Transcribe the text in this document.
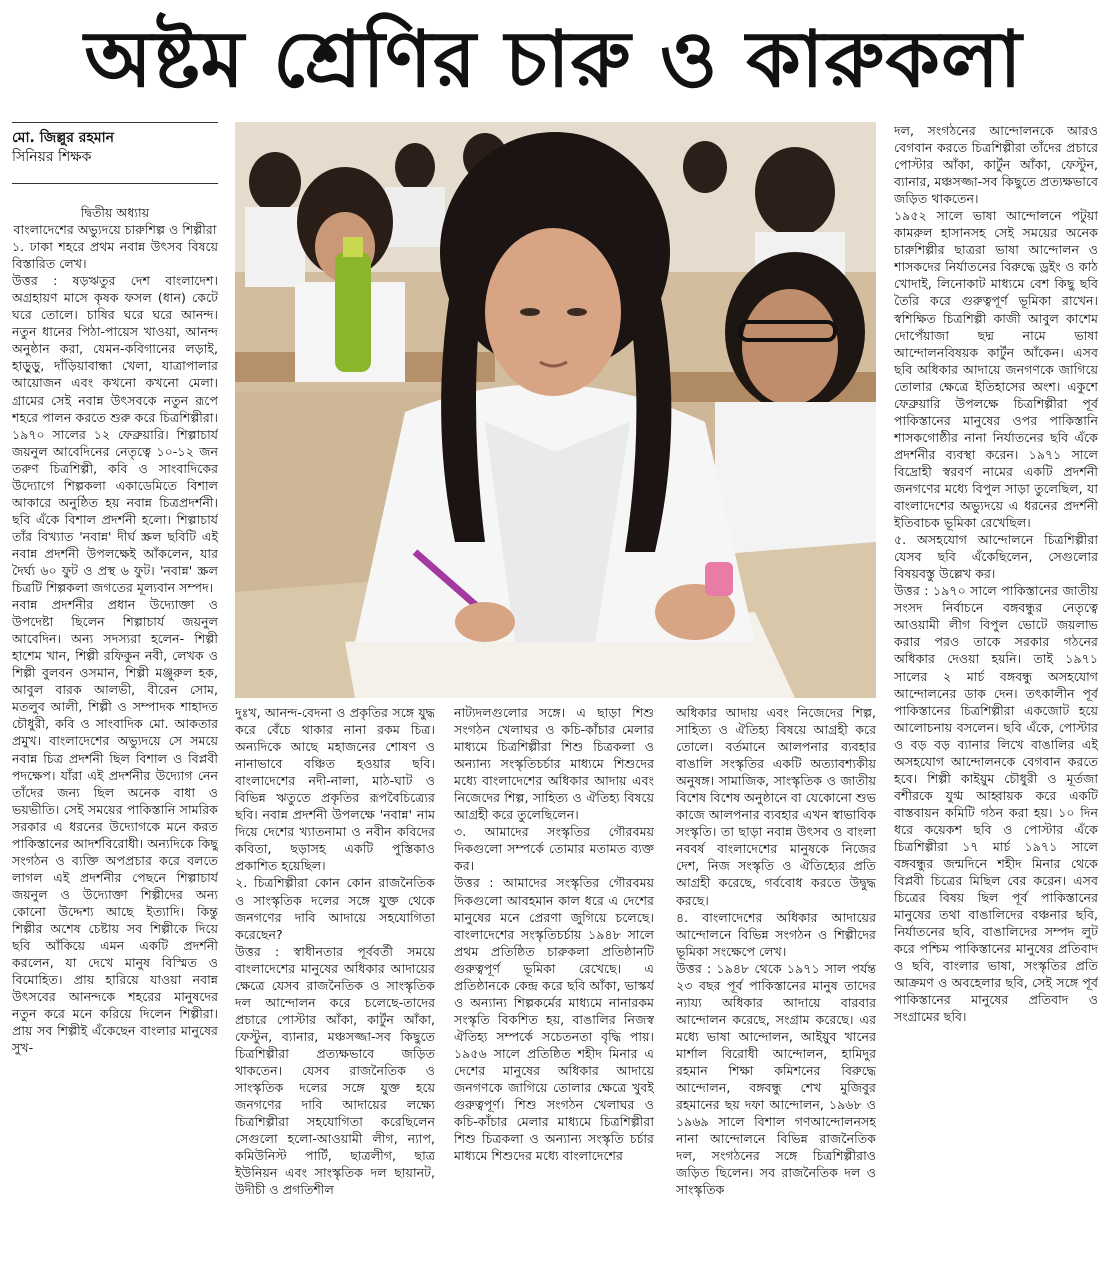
অষ্টম শ্রেণির চারু ও কারুকলা
মো. জিল্লুর রহমান
সিনিয়র শিক্ষক

দ্বিতীয় অধ্যায়

বাংলাদেশের অভ্যুদয়ে চারুশিল্প ও শিল্পীরা

১. ঢাকা শহরে প্রথম নবান্ন উৎসব বিষয়ে বিস্তারিত লেখ।

উত্তর : ষড়ঋতুর দেশ বাংলাদেশ। অগ্রহায়ণ মাসে কৃষক ফসল (ধান) কেটে ঘরে তোলে। চাষির ঘরে ঘরে আনন্দ। নতুন ধানের পিঠা-পায়েস খাওয়া, আনন্দ অনুষ্ঠান করা, যেমন-কবিগানের লড়াই, হাড়ুড়ু, দাঁড়িয়াবান্ধা খেলা, যাত্রাপালার আয়োজন এবং কখনো কখনো মেলা। গ্রামের সেই নবান্ন উৎসবকে নতুন রূপে শহরে পালন করতে শুরু করে চিত্রশিল্পীরা। ১৯৭০ সালের ১২ ফেব্রুয়ারি। শিল্পাচার্য জয়নুল আবেদিনের নেতৃত্বে ১০-১২ জন তরুণ চিত্রশিল্পী, কবি ও সাংবাদিকের উদ্যোগে শিল্পকলা একাডেমিতে বিশাল আকারে অনুষ্ঠিত হয় নবান্ন চিত্রপ্রদর্শনী। ছবি এঁকে বিশাল প্রদর্শনী হলো। শিল্পাচার্য তাঁর বিখ্যাত 'নবান্ন' দীর্ঘ স্ক্রল ছবিটি এই নবান্ন প্রদর্শনী উপলক্ষেই আঁকলেন, যার দৈর্ঘ্য ৬০ ফুট ও প্রস্থ ৬ ফুট। 'নবান্ন' স্ক্রল চিত্রটি শিল্পকলা জগতের মূল্যবান সম্পদ।

নবান্ন প্রদর্শনীর প্রধান উদ্যোক্তা ও উপদেষ্টা ছিলেন শিল্পাচার্য জয়নুল আবেদিন। অন্য সদস্যরা হলেন- শিল্পী হাশেম খান, শিল্পী রফিকুন নবী, লেখক ও শিল্পী বুলবন ওসমান, শিল্পী মঞ্জুরুল হক, আবুল বারক আলভী, বীরেন সোম, মতলুব আলী, শিল্পী ও সম্পাদক শাহাদত চৌধুরী, কবি ও সাংবাদিক মো. আকতার প্রমুখ। বাংলাদেশের অভ্যুদয়ে সে সময়ে নবান্ন চিত্র প্রদর্শনী ছিল বিশাল ও বিপ্লবী পদক্ষেপ। যাঁরা এই প্রদর্শনীর উদ্যোগ নেন তাঁদের জন্য ছিল অনেক বাধা ও ভয়ভীতি। সেই সময়ের পাকিস্তানি সামরিক সরকার এ ধরনের উদ্যোগকে মনে করত পাকিস্তানের আদর্শবিরোধী। অন্যদিকে কিছু সংগঠন ও ব্যক্তি অপপ্রচার করে বলতে লাগল এই প্রদর্শনীর পেছনে শিল্পাচার্য জয়নুল ও উদ্যোক্তা শিল্পীদের অন্য কোনো উদ্দেশ্য আছে ইত্যাদি। কিন্তু শিল্পীর অশেষ চেষ্টায় সব শিল্পীকে দিয়ে ছবি আঁকিয়ে এমন একটি প্রদর্শনী করলেন, যা দেখে মানুষ বিস্মিত ও বিমোহিত। প্রায় হারিয়ে যাওয়া নবান্ন উৎসবের আনন্দকে শহরের মানুষদের নতুন করে মনে করিয়ে দিলেন শিল্পীরা। প্রায় সব শিল্পীই এঁকেছেন বাংলার মানুষের সুখ-

দুঃখ, আনন্দ-বেদনা ও প্রকৃতির সঙ্গে যুদ্ধ করে বেঁচে থাকার নানা রকম চিত্র। অন্যদিকে আছে মহাজনের শোষণ ও নানাভাবে বঞ্চিত হওয়ার ছবি। বাংলাদেশের নদী-নালা, মাঠ-ঘাট ও বিভিন্ন ঋতুতে প্রকৃতির রূপবৈচিত্র্যের ছবি। নবান্ন প্রদর্শনী উপলক্ষে 'নবান্ন' নাম দিয়ে দেশের খ্যাতনামা ও নবীন কবিদের কবিতা, ছড়াসহ একটি পুস্তিকাও প্রকাশিত হয়েছিল।

২. চিত্রশিল্পীরা কোন কোন রাজনৈতিক ও সাংস্কৃতিক দলের সঙ্গে যুক্ত থেকে জনগণের দাবি আদায়ে সহযোগিতা করেছেন?

উত্তর : স্বাধীনতার পূর্ববর্তী সময়ে বাংলাদেশের মানুষের অধিকার আদায়ের ক্ষেত্রে যেসব রাজনৈতিক ও সাংস্কৃতিক দল আন্দোলন করে চলেছে-তাদের প্রচারে পোস্টার আঁকা, কার্টুন আঁকা, ফেস্টুন, ব্যানার, মঞ্চসজ্জা-সব কিছুতে চিত্রশিল্পীরা প্রত্যক্ষভাবে জড়িত থাকতেন। যেসব রাজনৈতিক ও সাংস্কৃতিক দলের সঙ্গে যুক্ত হয়ে জনগণের দাবি আদায়ের লক্ষ্যে চিত্রশিল্পীরা সহযোগিতা করেছিলেন সেগুলো হলো-আওয়ামী লীগ, ন্যাপ, কমিউনিস্ট পার্টি, ছাত্রলীগ, ছাত্র ইউনিয়ন এবং সাংস্কৃতিক দল ছায়ানট, উদীচী ও প্রগতিশীল

নাট্যদলগুলোর সঙ্গে। এ ছাড়া শিশু সংগঠন খেলাঘর ও কচি-কাঁচার মেলার মাধ্যমে চিত্রশিল্পীরা শিশু চিত্রকলা ও অন্যান্য সংস্কৃতিচর্চার মাধ্যমে শিশুদের মধ্যে বাংলাদেশের অধিকার আদায় এবং নিজেদের শিল্প, সাহিত্য ও ঐতিহ্য বিষয়ে আগ্রহী করে তুলেছিলেন।

৩. আমাদের সংস্কৃতির গৌরবময় দিকগুলো সম্পর্কে তোমার মতামত ব্যক্ত কর।

উত্তর : আমাদের সংস্কৃতির গৌরবময় দিকগুলো আবহমান কাল ধরে এ দেশের মানুষের মনে প্রেরণা জুগিয়ে চলেছে। বাংলাদেশের সংস্কৃতিচর্চায় ১৯৪৮ সালে প্রথম প্রতিষ্ঠিত চারুকলা প্রতিষ্ঠানটি গুরুত্বপূর্ণ ভূমিকা রেখেছে। এ প্রতিষ্ঠানকে কেন্দ্র করে ছবি আঁকা, ভাস্কর্য ও অন্যান্য শিল্পকর্মের মাধ্যমে নানারকম সংস্কৃতি বিকশিত হয়, বাঙালির নিজস্ব ঐতিহ্য সম্পর্কে সচেতনতা বৃদ্ধি পায়। ১৯৫৬ সালে প্রতিষ্ঠিত শহীদ মিনার এ দেশের মানুষের অধিকার আদায়ে জনগণকে জাগিয়ে তোলার ক্ষেত্রে খুবই গুরুত্বপূর্ণ। শিশু সংগঠন খেলাঘর ও কচি-কাঁচার মেলার মাধ্যমে চিত্রশিল্পীরা শিশু চিত্রকলা ও অন্যান্য সংস্কৃতি চর্চার মাধ্যমে শিশুদের মধ্যে বাংলাদেশের

অধিকার আদায় এবং নিজেদের শিল্প, সাহিত্য ও ঐতিহ্য বিষয়ে আগ্রহী করে তোলে। বর্তমানে আলপনার ব্যবহার বাঙালি সংস্কৃতির একটি অত্যাবশ্যকীয় অনুষঙ্গ। সামাজিক, সাংস্কৃতিক ও জাতীয় বিশেষ বিশেষ অনুষ্ঠানে বা যেকোনো শুভ কাজে আলপনার ব্যবহার এখন স্বাভাবিক সংস্কৃতি। তা ছাড়া নবান্ন উৎসব ও বাংলা নববর্ষ বাংলাদেশের মানুষকে নিজের দেশ, নিজ সংস্কৃতি ও ঐতিহ্যের প্রতি আগ্রহী করেছে, গর্ববোধ করতে উদ্বুদ্ধ করছে।

৪. বাংলাদেশের অধিকার আদায়ের আন্দোলনে বিভিন্ন সংগঠন ও শিল্পীদের ভূমিকা সংক্ষেপে লেখ।

উত্তর : ১৯৪৮ থেকে ১৯৭১ সাল পর্যন্ত ২৩ বছর পূর্ব পাকিস্তানের মানুষ তাদের ন্যায্য অধিকার আদায়ে বারবার আন্দোলন করেছে, সংগ্রাম করেছে। এর মধ্যে ভাষা আন্দোলন, আইয়ুব খানের মার্শাল বিরোধী আন্দোলন, হামিদুর রহমান শিক্ষা কমিশনের বিরুদ্ধে আন্দোলন, বঙ্গবন্ধু শেখ মুজিবুর রহমানের ছয় দফা আন্দোলন, ১৯৬৮ ও ১৯৬৯ সালে বিশাল গণআন্দোলনসহ নানা আন্দোলনে বিভিন্ন রাজনৈতিক দল, সংগঠনের সঙ্গে চিত্রশিল্পীরাও জড়িত ছিলেন। সব রাজনৈতিক দল ও সাংস্কৃতিক

দল, সংগঠনের আন্দোলনকে আরও বেগবান করতে চিত্রশিল্পীরা তাঁদের প্রচারে পোস্টার আঁকা, কার্টুন আঁকা, ফেস্টুন, ব্যানার, মঞ্চসজ্জা-সব কিছুতে প্রত্যক্ষভাবে জড়িত থাকতেন।

১৯৫২ সালে ভাষা আন্দোলনে পটুয়া কামরুল হাসানসহ সেই সময়ের অনেক চারুশিল্পীর ছাত্ররা ভাষা আন্দোলন ও শাসকদের নির্যাতনের বিরুদ্ধে ড্রইং ও কাঠ খোদাই, লিনোকাট মাধ্যমে বেশ কিছু ছবি তৈরি করে গুরুত্বপূর্ণ ভূমিকা রাখেন। স্বশিক্ষিত চিত্রশিল্পী কাজী আবুল কাশেম দোপেঁয়াজা ছদ্ম নামে ভাষা আন্দোলনবিষয়ক কার্টুন আঁকেন। এসব ছবি অধিকার আদায়ে জনগণকে জাগিয়ে তোলার ক্ষেত্রে ইতিহাসের অংশ। একুশে ফেব্রুয়ারি উপলক্ষে চিত্রশিল্পীরা পূর্ব পাকিস্তানের মানুষের ওপর পাকিস্তানি শাসকগোষ্ঠীর নানা নির্যাতনের ছবি এঁকে প্রদর্শনীর ব্যবস্থা করেন। ১৯৭১ সালে বিদ্রোহী স্বরবর্ণ নামের একটি প্রদর্শনী জনগণের মধ্যে বিপুল সাড়া তুলেছিল, যা বাংলাদেশের অভ্যুদয়ে এ ধরনের প্রদর্শনী ইতিবাচক ভূমিকা রেখেছিল।

৫. অসহযোগ আন্দোলনে চিত্রশিল্পীরা যেসব ছবি এঁকেছিলেন, সেগুলোর বিষয়বস্তু উল্লেখ কর।

উত্তর : ১৯৭০ সালে পাকিস্তানের জাতীয় সংসদ নির্বাচনে বঙ্গবন্ধুর নেতৃত্বে আওয়ামী লীগ বিপুল ভোটে জয়লাভ করার পরও তাকে সরকার গঠনের অধিকার দেওয়া হয়নি। তাই ১৯৭১ সালের ২ মার্চ বঙ্গবন্ধু অসহযোগ আন্দোলনের ডাক দেন। তৎকালীন পূর্ব পাকিস্তানের চিত্রশিল্পীরা একজোট হয়ে আলোচনায় বসলেন। ছবি এঁকে, পোস্টার ও বড় বড় ব্যানার লিখে বাঙালির এই অসহযোগ আন্দোলনকে বেগবান করতে হবে। শিল্পী কাইয়ুম চৌধুরী ও মূর্তজা বশীরকে যুগ্ম আহ্বায়ক করে একটি বাস্তবায়ন কমিটি গঠন করা হয়। ১০ দিন ধরে কয়েকশ ছবি ও পোস্টার এঁকে চিত্রশিল্পীরা ১৭ মার্চ ১৯৭১ সালে বঙ্গবন্ধুর জন্মদিনে শহীদ মিনার থেকে বিপ্লবী চিত্রের মিছিল বের করেন। এসব চিত্রের বিষয় ছিল পূর্ব পাকিস্তানের মানুষের তথা বাঙালিদের বঞ্চনার ছবি, নির্যাতনের ছবি, বাঙালিদের সম্পদ লুট করে পশ্চিম পাকিস্তানের মানুষের প্রতিবাদ ও ছবি, বাংলার ভাষা, সংস্কৃতির প্রতি আক্রমণ ও অবহেলার ছবি, সেই সঙ্গে পূর্ব পাকিস্তানের মানুষের প্রতিবাদ ও সংগ্রামের ছবি।
